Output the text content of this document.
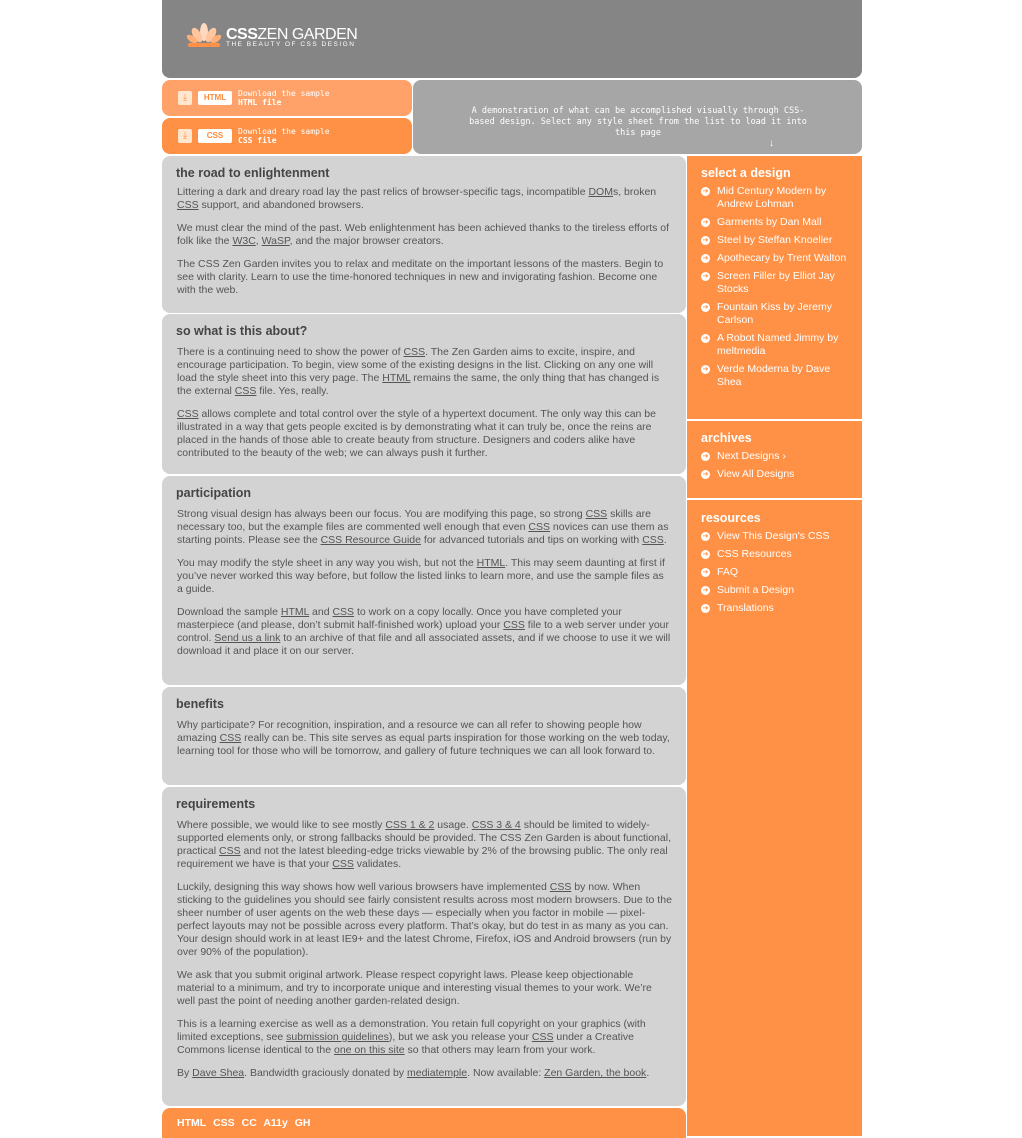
CSSZEN GARDEN
THE BEAUTY OF CSS DESIGN
⤓	HTML	Download the sample
HTML file
⤓	CSS	Download the sample
CSS file
A demonstration of what can be accomplished visually through CSS-based design. Select any style sheet from the list to load it into this page
↓
the road to enlightenment

Littering a dark and dreary road lay the past relics of browser-specific tags, incompatible DOMs, broken CSS support, and abandoned browsers.

We must clear the mind of the past. Web enlightenment has been achieved thanks to the tireless efforts of folk like the W3C, WaSP, and the major browser creators.

The CSS Zen Garden invites you to relax and meditate on the important lessons of the masters. Begin to see with clarity. Learn to use the time-honored techniques in new and invigorating fashion. Become one with the web.

so what is this about?

There is a continuing need to show the power of CSS. The Zen Garden aims to excite, inspire, and encourage participation. To begin, view some of the existing designs in the list. Clicking on any one will load the style sheet into this very page. The HTML remains the same, the only thing that has changed is the external CSS file. Yes, really.

CSS allows complete and total control over the style of a hypertext document. The only way this can be illustrated in a way that gets people excited is by demonstrating what it can truly be, once the reins are placed in the hands of those able to create beauty from structure. Designers and coders alike have contributed to the beauty of the web; we can always push it further.

participation

Strong visual design has always been our focus. You are modifying this page, so strong CSS skills are necessary too, but the example files are commented well enough that even CSS novices can use them as starting points. Please see the CSS Resource Guide for advanced tutorials and tips on working with CSS.

You may modify the style sheet in any way you wish, but not the HTML. This may seem daunting at first if you’ve never worked this way before, but follow the listed links to learn more, and use the sample files as a guide.

Download the sample HTML and CSS to work on a copy locally. Once you have completed your masterpiece (and please, don’t submit half-finished work) upload your CSS file to a web server under your control. Send us a link to an archive of that file and all associated assets, and if we choose to use it we will download it and place it on our server.

benefits

Why participate? For recognition, inspiration, and a resource we can all refer to showing people how amazing CSS really can be. This site serves as equal parts inspiration for those working on the web today, learning tool for those who will be tomorrow, and gallery of future techniques we can all look forward to.

requirements

Where possible, we would like to see mostly CSS 1 & 2 usage. CSS 3 & 4 should be limited to widely-supported elements only, or strong fallbacks should be provided. The CSS Zen Garden is about functional, practical CSS and not the latest bleeding-edge tricks viewable by 2% of the browsing public. The only real requirement we have is that your CSS validates.

Luckily, designing this way shows how well various browsers have implemented CSS by now. When sticking to the guidelines you should see fairly consistent results across most modern browsers. Due to the sheer number of user agents on the web these days — especially when you factor in mobile — pixel-perfect layouts may not be possible across every platform. That’s okay, but do test in as many as you can. Your design should work in at least IE9+ and the latest Chrome, Firefox, iOS and Android browsers (run by over 90% of the population).

We ask that you submit original artwork. Please respect copyright laws. Please keep objectionable material to a minimum, and try to incorporate unique and interesting visual themes to your work. We’re well past the point of needing another garden-related design.

This is a learning exercise as well as a demonstration. You retain full copyright on your graphics (with limited exceptions, see submission guidelines), but we ask you release your CSS under a Creative Commons license identical to the one on this site so that others may learn from your work.

By Dave Shea. Bandwidth graciously donated by mediatemple. Now available: Zen Garden, the book.

HTML CSS CC A11y GH
select a design
➔ Mid Century Modern by Andrew Lohman
➔ Garments by Dan Mall
➔ Steel by Steffan Knoeller
➔ Apothecary by Trent Walton
➔ Screen Filler by Elliot Jay Stocks
➔ Fountain Kiss by Jeremy Carlson
➔ A Robot Named Jimmy by meltmedia
➔ Verde Moderna by Dave Shea
archives
➔ Next Designs ›
➔ View All Designs
resources
➔ View This Design's CSS
➔ CSS Resources
➔ FAQ
➔ Submit a Design
➔ Translations
